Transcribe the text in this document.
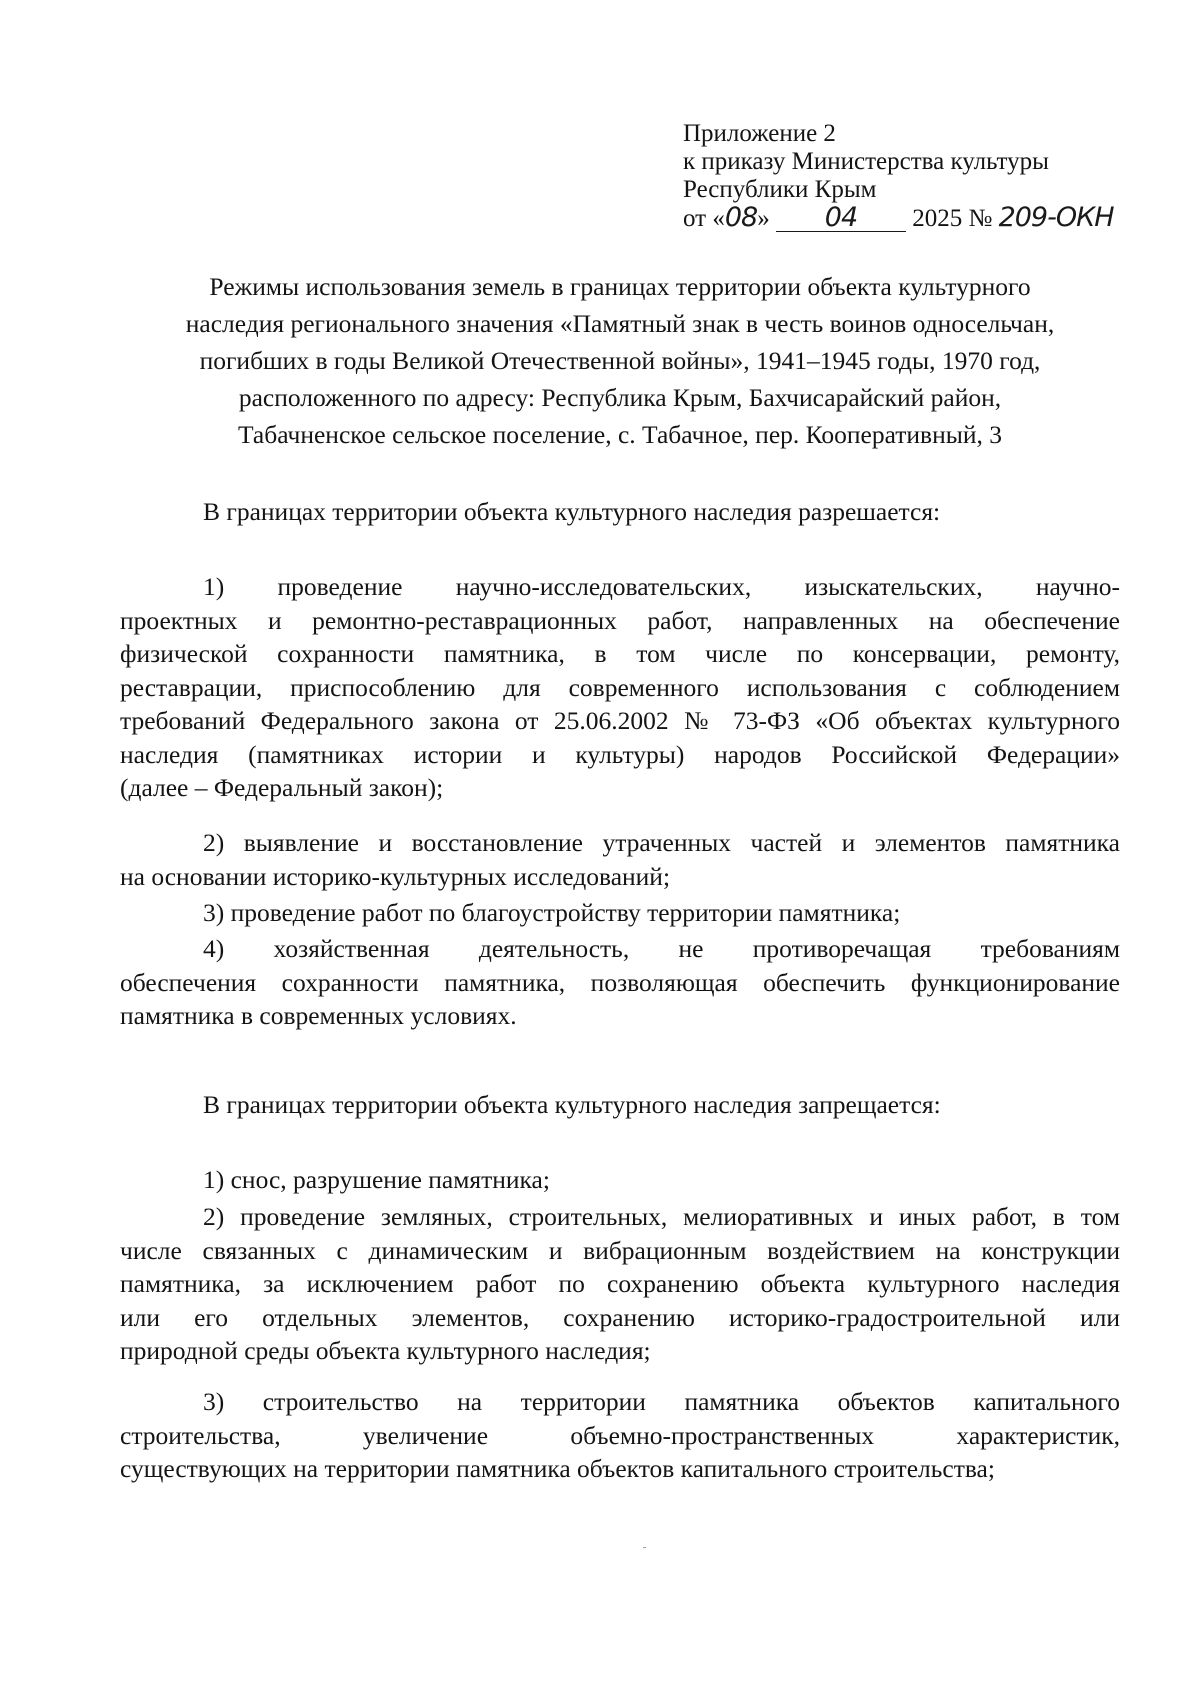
Приложение 2
к приказу Министерства культуры
Республики Крым
от «08» 04 2025 № 209-ОКН
Режимы использования земель в границах территории объекта культурного
наследия регионального значения «Памятный знак в честь воинов односельчан,
погибших в годы Великой Отечественной войны», 1941–1945 годы, 1970 год,
расположенного по адресу: Республика Крым, Бахчисарайский район,
Табачненское сельское поселение, с. Табачное, пер. Кооперативный, 3
В границах территории объекта культурного наследия разрешается:
1) проведение научно-исследовательских, изыскательских, научно-
проектных и ремонтно-реставрационных работ, направленных на обеспечение
физической сохранности памятника, в том числе по консервации, ремонту,
реставрации, приспособлению для современного использования с соблюдением
требований Федерального закона от 25.06.2002 № 73-ФЗ «Об объектах культурного
наследия (памятниках истории и культуры) народов Российской Федерации»
(далее – Федеральный закон);
2) выявление и восстановление утраченных частей и элементов памятника
на основании историко-культурных исследований;
3) проведение работ по благоустройству территории памятника;
4) хозяйственная деятельность, не противоречащая требованиям
обеспечения сохранности памятника, позволяющая обеспечить функционирование
памятника в современных условиях.
В границах территории объекта культурного наследия запрещается:
1) снос, разрушение памятника;
2) проведение земляных, строительных, мелиоративных и иных работ, в том
числе связанных с динамическим и вибрационным воздействием на конструкции
памятника, за исключением работ по сохранению объекта культурного наследия
или его отдельных элементов, сохранению историко-градостроительной или
природной среды объекта культурного наследия;
3) строительство на территории памятника объектов капитального
строительства, увеличение объемно-пространственных характеристик,
существующих на территории памятника объектов капитального строительства;
